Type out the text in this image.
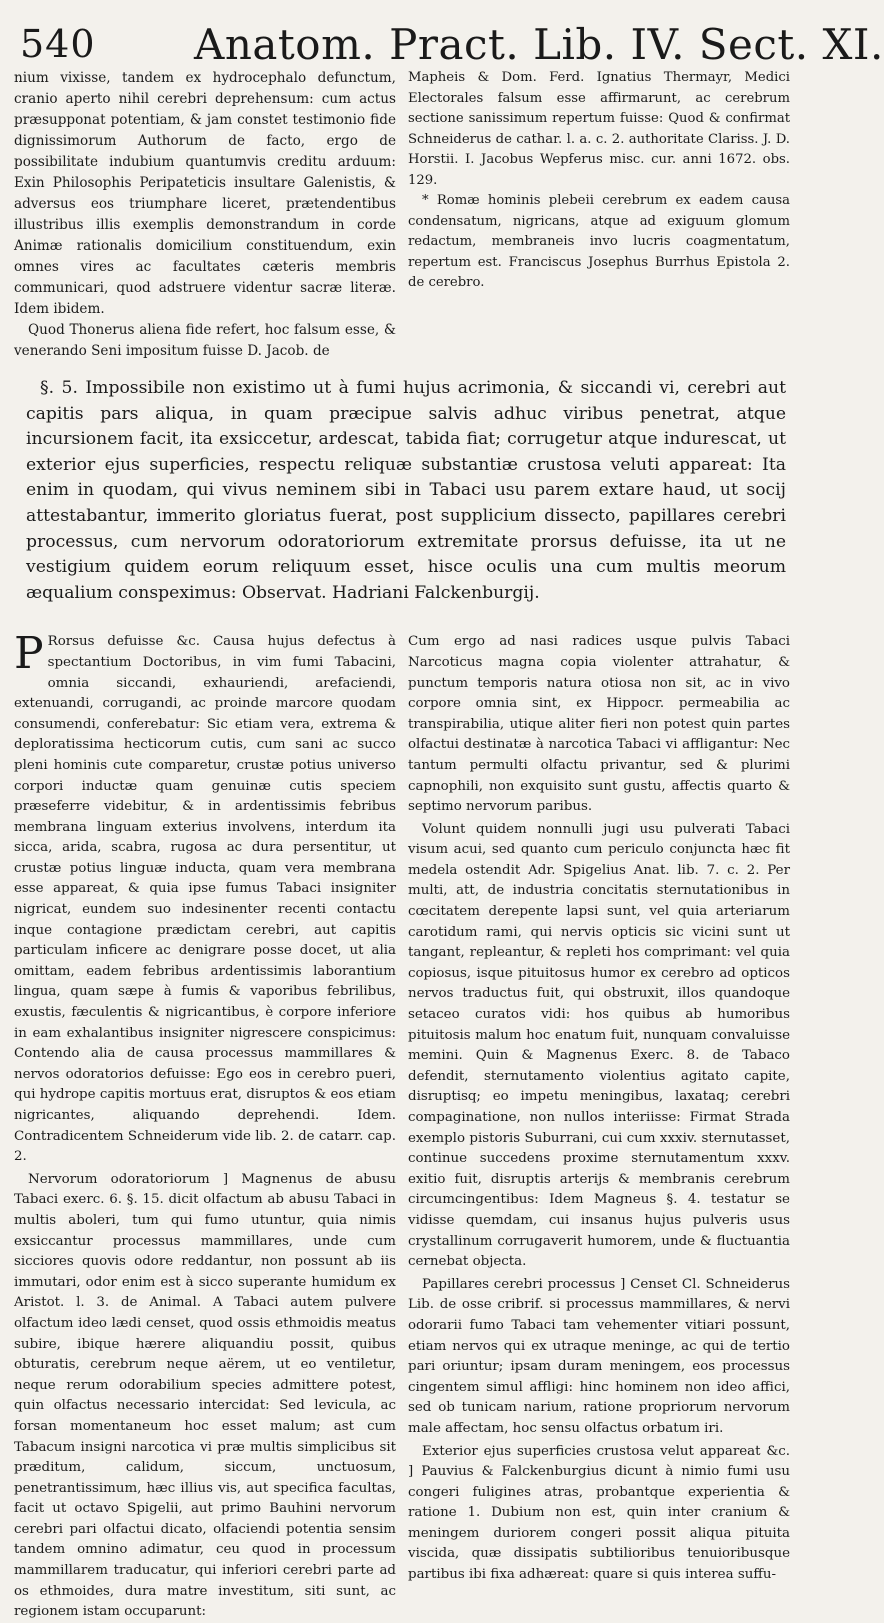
540 Anatom. Pract. Lib. IV. Sect. XI.

nium vixisse, tandem ex hydrocephalo defunctum, cranio aperto nihil cerebri deprehensum: cum actus præsupponat potentiam, & jam constet testimonio fide dignissimorum Authorum de facto, ergo de possibilitate indubium quantumvis creditu arduum: Exin Philosophis Peripateticis insultare Galenistis, & adversus eos triumphare liceret, prætendentibus illustribus illis exemplis demonstrandum in corde Animæ rationalis domicilium constituendum, exin omnes vires ac facultates cæteris membris communicari, quod adstruere videntur sacræ literæ. Idem ibidem.

Quod Thonerus aliena fide refert, hoc falsum esse, & venerando Seni impositum fuisse D. Jacob. de

Mapheis & Dom. Ferd. Ignatius Thermayr, Medici Electorales falsum esse affirmarunt, ac cerebrum sectione sanissimum repertum fuisse: Quod & confirmat Schneiderus de cathar. l. a. c. 2. authoritate Clariss. J. D. Horstii. I. Jacobus Wepferus misc. cur. anni 1672. obs. 129.

* Romæ hominis plebeii cerebrum ex eadem causa condensatum, nigricans, atque ad exiguum glomum redactum, membraneis invo lucris coagmentatum, repertum est. Franciscus Josephus Burrhus Epistola 2. de cerebro.

§. 5. Impossibile non existimo ut à fumi hujus acrimonia, & siccandi vi, cerebri aut capitis pars aliqua, in quam præcipue salvis adhuc viribus penetrat, atque incursionem facit, ita exsiccetur, ardescat, tabida fiat; corrugetur atque indurescat, ut exterior ejus superficies, respectu reliquæ substantiæ crustosa veluti appareat: Ita enim in quodam, qui vivus neminem sibi in Tabaci usu parem extare haud, ut socij attestabantur, immerito gloriatus fuerat, post supplicium dissecto, papillares cerebri processus, cum nervorum odoratoriorum extremitate prorsus defuisse, ita ut ne vestigium quidem eorum reliquum esset, hisce oculis una cum multis meorum æqualium conspeximus: Observat. Hadriani Falckenburgij.

P Rorsus defuisse &c. Causa hujus defectus à spectantium Doctoribus, in vim fumi Tabacini, omnia siccandi, exhauriendi, arefaciendi, extenuandi, corrugandi, ac proinde marcore quodam consumendi, conferebatur: Sic etiam vera, extrema & deploratissima hecticorum cutis, cum sani ac succo pleni hominis cute comparetur, crustæ potius universo corpori inductæ quam genuinæ cutis speciem præseferre videbitur, & in ardentissimis febribus membrana linguam exterius involvens, interdum ita sicca, arida, scabra, rugosa ac dura persentitur, ut crustæ potius linguæ inducta, quam vera membrana esse appareat, & quia ipse fumus Tabaci insigniter nigricat, eundem suo indesinenter recenti contactu inque contagione prædictam cerebri, aut capitis particulam inficere ac denigrare posse docet, ut alia omittam, eadem febribus ardentissimis laborantium lingua, quam sæpe à fumis & vaporibus febrilibus, exustis, fæculentis & nigricantibus, è corpore inferiore in eam exhalantibus insigniter nigrescere conspicimus: Contendo alia de causa processus mammillares & nervos odoratorios defuisse: Ego eos in cerebro pueri, qui hydrope capitis mortuus erat, disruptos & eos etiam nigricantes, aliquando deprehendi. Idem. Contradicentem Schneiderum vide lib. 2. de catarr. cap. 2.

Nervorum odoratoriorum ] Magnenus de abusu Tabaci exerc. 6. §. 15. dicit olfactum ab abusu Tabaci in multis aboleri, tum qui fumo utuntur, quia nimis exsiccantur processus mammillares, unde cum sicciores quovis odore reddantur, non possunt ab iis immutari, odor enim est à sicco superante humidum ex Aristot. l. 3. de Animal. A Tabaci autem pulvere olfactum ideo lædi censet, quod ossis ethmoidis meatus subire, ibique hærere aliquandiu possit, quibus obturatis, cerebrum neque aërem, ut eo ventiletur, neque rerum odorabilium species admittere potest, quin olfactus necessario intercidat: Sed levicula, ac forsan momentaneum hoc esset malum; ast cum Tabacum insigni narcotica vi præ multis simplicibus sit præditum, calidum, siccum, unctuosum, penetrantissimum, hæc illius vis, aut specifica facultas, facit ut octavo Spigelii, aut primo Bauhini nervorum cerebri pari olfactui dicato, olfaciendi potentia sensim tandem omnino adimatur, ceu quod in processum mammillarem traducatur, qui inferiori cerebri parte ad os ethmoides, dura matre investitum, siti sunt, ac regionem istam occuparunt:

Cum ergo ad nasi radices usque pulvis Tabaci Narcoticus magna copia violenter attrahatur, & punctum temporis natura otiosa non sit, ac in vivo corpore omnia sint, ex Hippocr. permeabilia ac transpirabilia, utique aliter fieri non potest quin partes olfactui destinatæ à narcotica Tabaci vi affligantur: Nec tantum permulti olfactu privantur, sed & plurimi capnophili, non exquisito sunt gustu, affectis quarto & septimo nervorum paribus.

Volunt quidem nonnulli jugi usu pulverati Tabaci visum acui, sed quanto cum periculo conjuncta hæc fit medela ostendit Adr. Spigelius Anat. lib. 7. c. 2. Per multi, att, de industria concitatis sternutationibus in cœcitatem derepente lapsi sunt, vel quia arteriarum carotidum rami, qui nervis opticis sic vicini sunt ut tangant, repleantur, & repleti hos comprimant: vel quia copiosus, isque pituitosus humor ex cerebro ad opticos nervos traductus fuit, qui obstruxit, illos quandoque setaceo curatos vidi: hos quibus ab humoribus pituitosis malum hoc enatum fuit, nunquam convaluisse memini. Quin & Magnenus Exerc. 8. de Tabaco defendit, sternutamento violentius agitato capite, disruptisq; eo impetu meningibus, laxataq; cerebri compaginatione, non nullos interiisse: Firmat Strada exemplo pistoris Suburrani, cui cum xxxiv. sternutasset, continue succedens proxime sternutamentum xxxv. exitio fuit, disruptis arterijs & membranis cerebrum circumcingentibus: Idem Magneus §. 4. testatur se vidisse quemdam, cui insanus hujus pulveris usus crystallinum corrugaverit humorem, unde & fluctuantia cernebat objecta.

Papillares cerebri processus ] Censet Cl. Schneiderus Lib. de osse cribrif. si processus mammillares, & nervi odorarii fumo Tabaci tam vehementer vitiari possunt, etiam nervos qui ex utraque meninge, ac qui de tertio pari oriuntur; ipsam duram meningem, eos processus cingentem simul affligi: hinc hominem non ideo affici, sed ob tunicam narium, ratione propriorum nervorum male affectam, hoc sensu olfactus orbatum iri.

Exterior ejus superficies crustosa velut appareat &c. ] Pauvius & Falckenburgius dicunt à nimio fumi usu congeri fuligines atras, probantque experientia & ratione 1. Dubium non est, quin inter cranium & meningem duriorem congeri possit aliqua pituita viscida, quæ dissipatis subtilioribus tenuioribusque partibus ibi fixa adhæreat: quare si quis interea suffu-
